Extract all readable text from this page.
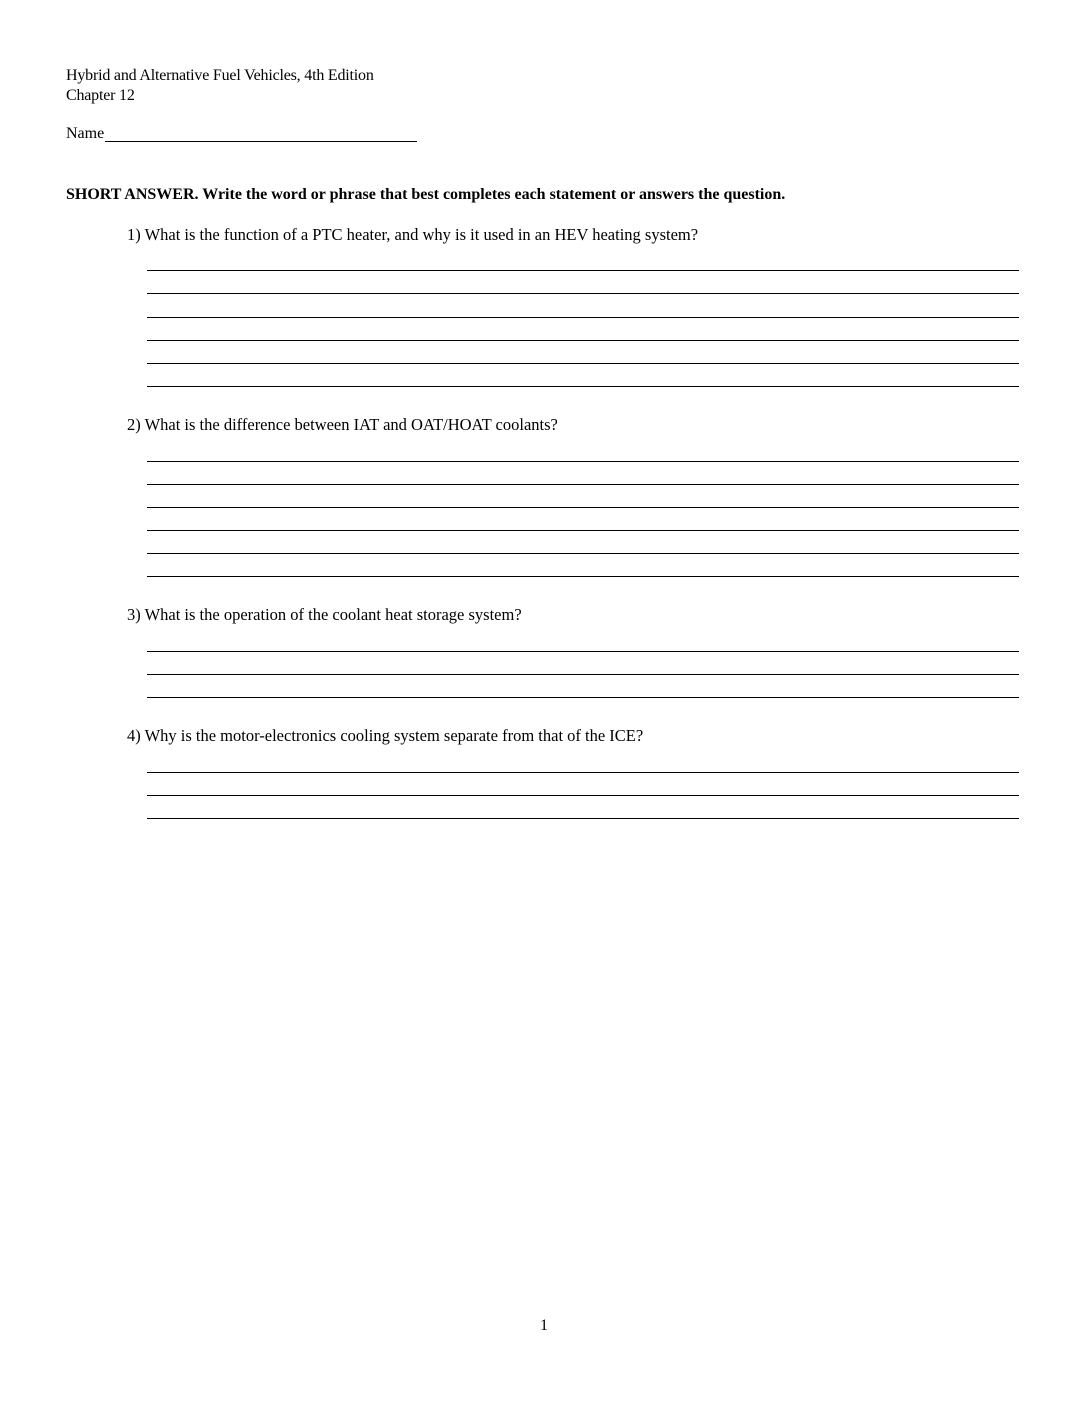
Hybrid and Alternative Fuel Vehicles, 4th Edition
Chapter 12
Name
SHORT ANSWER. Write the word or phrase that best completes each statement or answers the question.
1) What is the function of a PTC heater, and why is it used in an HEV heating system?
2) What is the difference between IAT and OAT/HOAT coolants?
3) What is the operation of the coolant heat storage system?
4) Why is the motor-electronics cooling system separate from that of the ICE?
1
